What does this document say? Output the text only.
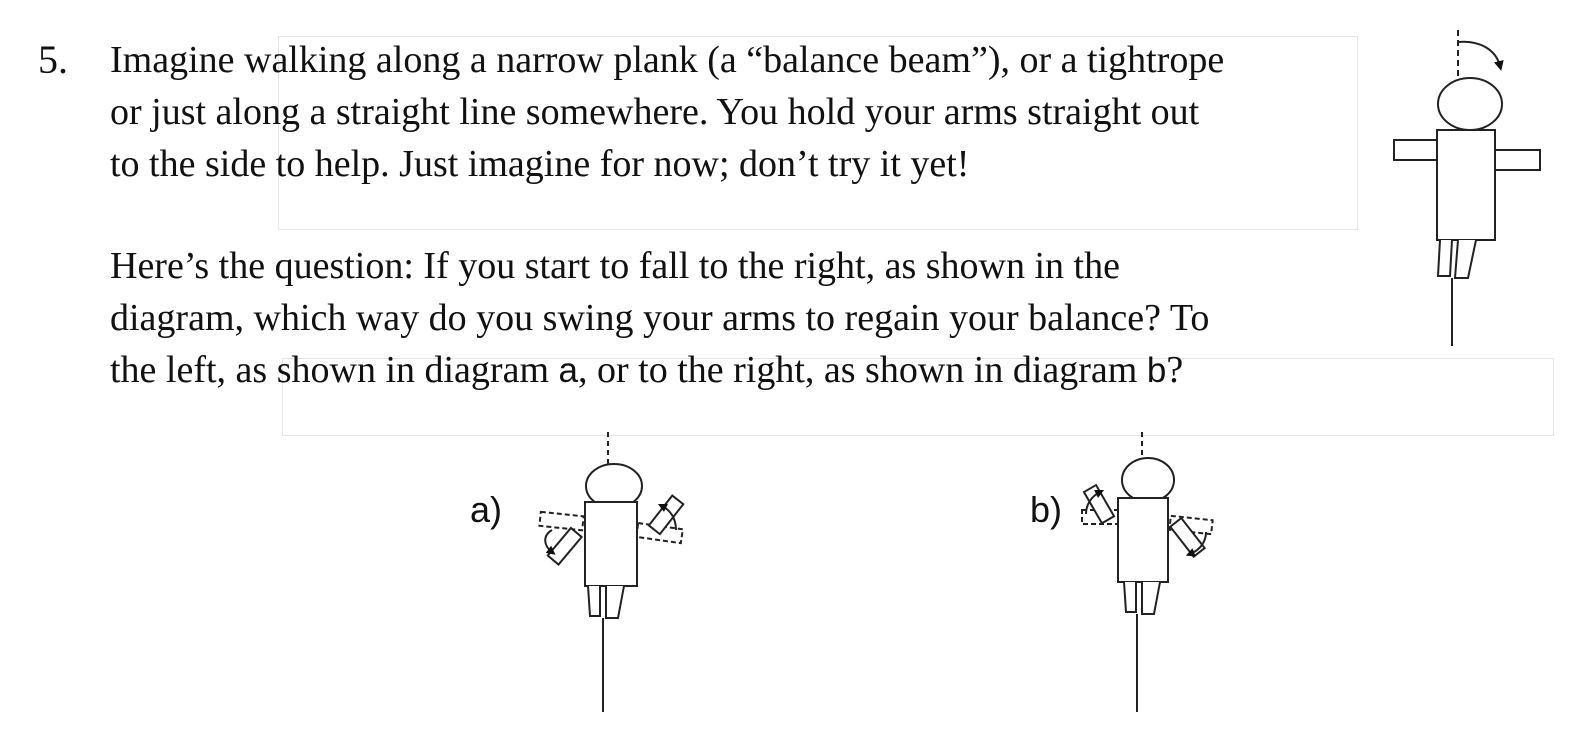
5. Imagine walking along a narrow plank (a “balance beam”), or a tightrope
or just along a straight line somewhere. You hold your arms straight out
to the side to help. Just imagine for now; don’t try it yet!

Here’s the question: If you start to fall to the right, as shown in the
diagram, which way do you swing your arms to regain your balance? To
the left, as shown in diagram a, or to the right, as shown in diagram b?

a)	b)
